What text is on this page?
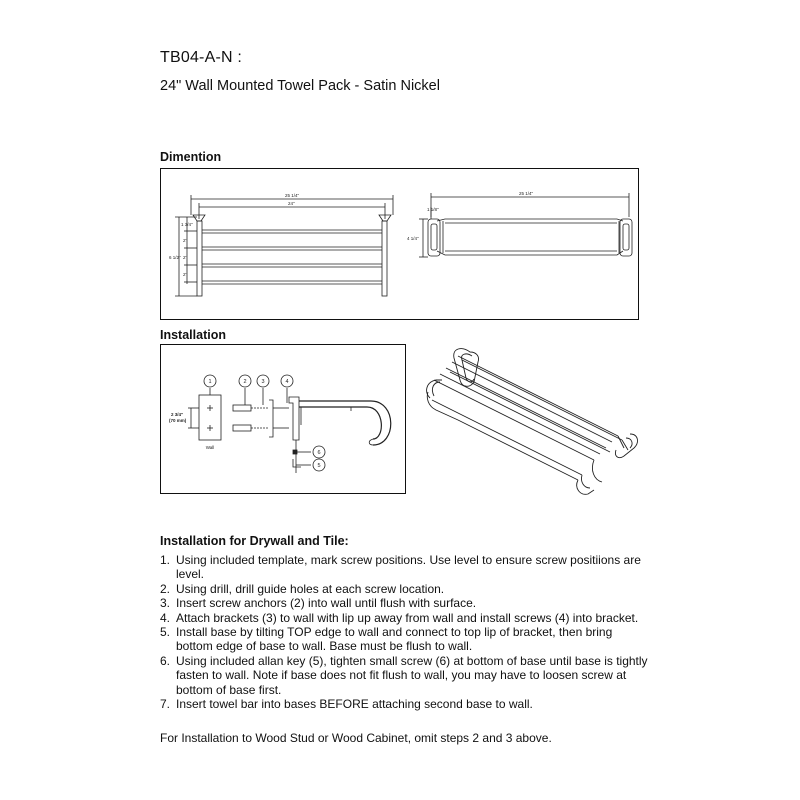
TB04-A-N :
24" Wall Mounted Towel Pack - Satin Nickel
Dimention
25 1/4"
24"
1 3/4"
2"
2"
2"
6 1/2"
25 1/4"
1 1/8"
4 1/4"
Installation
1	2	3	4
6
5
Wall
2 3/4"
(70 mm)
Installation for Drywall and Tile:
1. Using included template, mark screw positions. Use level to ensure screw positiions are level.
2. Using drill, drill guide holes at each screw location.
3. Insert screw anchors (2) into wall until flush with surface.
4. Attach brackets (3) to wall with lip up away from wall and install screws (4) into bracket.
5. Install base by tilting TOP edge to wall and connect to top lip of bracket, then bring bottom edge of base to wall. Base must be flush to wall.
6. Using included allan key (5), tighten small screw (6) at bottom of base until base is tightly fasten to wall. Note if base does not fit flush to wall, you may have to loosen screw at bottom of base first.
7. Insert towel bar into bases BEFORE attaching second base to wall.
For Installation to Wood Stud or Wood Cabinet, omit steps 2 and 3 above.
